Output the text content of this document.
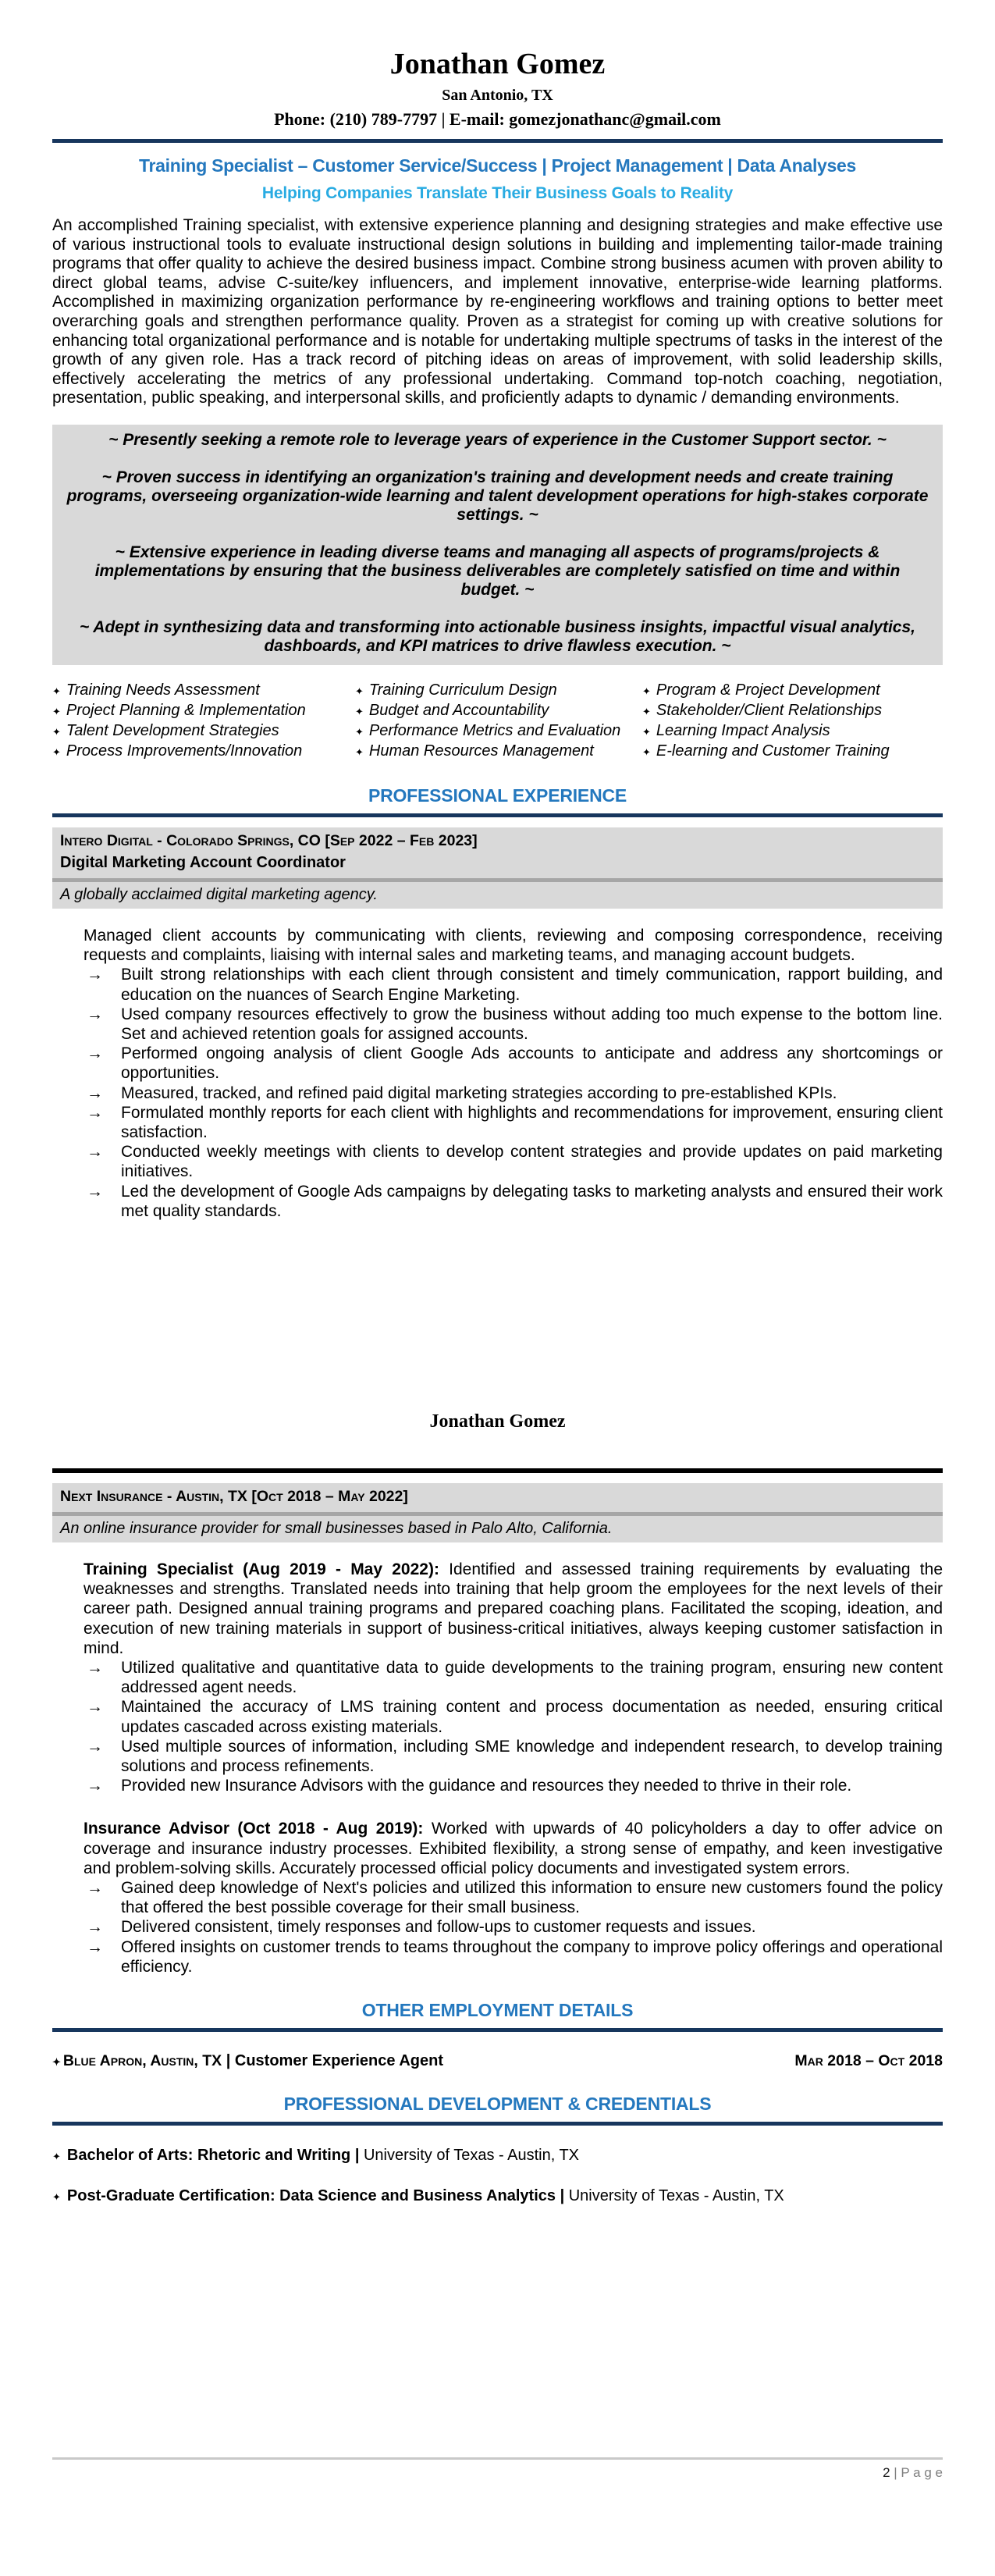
Jonathan Gomez
San Antonio, TX
Phone: (210) 789-7797 | E-mail: gomezjonathanc@gmail.com
Training Specialist – Customer Service/Success | Project Management | Data Analyses
Helping Companies Translate Their Business Goals to Reality

An accomplished Training specialist, with extensive experience planning and designing strategies and make effective use of various instructional tools to evaluate instructional design solutions in building and implementing tailor-made training programs that offer quality to achieve the desired business impact. Combine strong business acumen with proven ability to direct global teams, advise C-suite/key influencers, and implement innovative, enterprise-wide learning platforms. Accomplished in maximizing organization performance by re-engineering workflows and training options to better meet overarching goals and strengthen performance quality. Proven as a strategist for coming up with creative solutions for enhancing total organizational performance and is notable for undertaking multiple spectrums of tasks in the interest of the growth of any given role. Has a track record of pitching ideas on areas of improvement, with solid leadership skills, effectively accelerating the metrics of any professional undertaking. Command top-notch coaching, negotiation, presentation, public speaking, and interpersonal skills, and proficiently adapts to dynamic / demanding environments.

~ Presently seeking a remote role to leverage years of experience in the Customer Support sector. ~

~ Proven success in identifying an organization's training and development needs and create training programs, overseeing organization-wide learning and talent development operations for high-stakes corporate settings. ~

~ Extensive experience in leading diverse teams and managing all aspects of programs/projects & implementations by ensuring that the business deliverables are completely satisfied on time and within budget. ~

~ Adept in synthesizing data and transforming into actionable business insights, impactful visual analytics, dashboards, and KPI matrices to drive flawless execution. ~

✦ Training Needs Assessment
✦ Project Planning & Implementation
✦ Talent Development Strategies
✦ Process Improvements/Innovation
✦ Training Curriculum Design
✦ Budget and Accountability
✦ Performance Metrics and Evaluation
✦ Human Resources Management
✦ Program & Project Development
✦ Stakeholder/Client Relationships
✦ Learning Impact Analysis
✦ E-learning and Customer Training
PROFESSIONAL EXPERIENCE
Intero Digital - Colorado Springs, CO [Sep 2022 – Feb 2023]
Digital Marketing Account Coordinator
A globally acclaimed digital marketing agency.

Managed client accounts by communicating with clients, reviewing and composing correspondence, receiving requests and complaints, liaising with internal sales and marketing teams, and managing account budgets.

→	Built strong relationships with each client through consistent and timely communication, rapport building, and education on the nuances of Search Engine Marketing.
→	Used company resources effectively to grow the business without adding too much expense to the bottom line. Set and achieved retention goals for assigned accounts.
→	Performed ongoing analysis of client Google Ads accounts to anticipate and address any shortcomings or opportunities.
→	Measured, tracked, and refined paid digital marketing strategies according to pre-established KPIs.
→	Formulated monthly reports for each client with highlights and recommendations for improvement, ensuring client satisfaction.
→	Conducted weekly meetings with clients to develop content strategies and provide updates on paid marketing initiatives.
→	Led the development of Google Ads campaigns by delegating tasks to marketing analysts and ensured their work met quality standards.
Jonathan Gomez
Next Insurance - Austin, TX [Oct 2018 – May 2022]
An online insurance provider for small businesses based in Palo Alto, California.

Training Specialist (Aug 2019 - May 2022): Identified and assessed training requirements by evaluating the weaknesses and strengths. Translated needs into training that help groom the employees for the next levels of their career path. Designed annual training programs and prepared coaching plans. Facilitated the scoping, ideation, and execution of new training materials in support of business-critical initiatives, always keeping customer satisfaction in mind.

→	Utilized qualitative and quantitative data to guide developments to the training program, ensuring new content addressed agent needs.
→	Maintained the accuracy of LMS training content and process documentation as needed, ensuring critical updates cascaded across existing materials.
→	Used multiple sources of information, including SME knowledge and independent research, to develop training solutions and process refinements.
→	Provided new Insurance Advisors with the guidance and resources they needed to thrive in their role.

Insurance Advisor (Oct 2018 - Aug 2019): Worked with upwards of 40 policyholders a day to offer advice on coverage and insurance industry processes. Exhibited flexibility, a strong sense of empathy, and keen investigative and problem-solving skills. Accurately processed official policy documents and investigated system errors.

→	Gained deep knowledge of Next's policies and utilized this information to ensure new customers found the policy that offered the best possible coverage for their small business.
→	Delivered consistent, timely responses and follow-ups to customer requests and issues.
→	Offered insights on customer trends to teams throughout the company to improve policy offerings and operational efficiency.
OTHER EMPLOYMENT DETAILS
✦ Blue Apron, Austin, TX | Customer Experience Agent	Mar 2018 – Oct 2018
PROFESSIONAL DEVELOPMENT & CREDENTIALS
✦ Bachelor of Arts: Rhetoric and Writing | University of Texas - Austin, TX
✦ Post-Graduate Certification: Data Science and Business Analytics | University of Texas - Austin, TX
2 | P a g e
